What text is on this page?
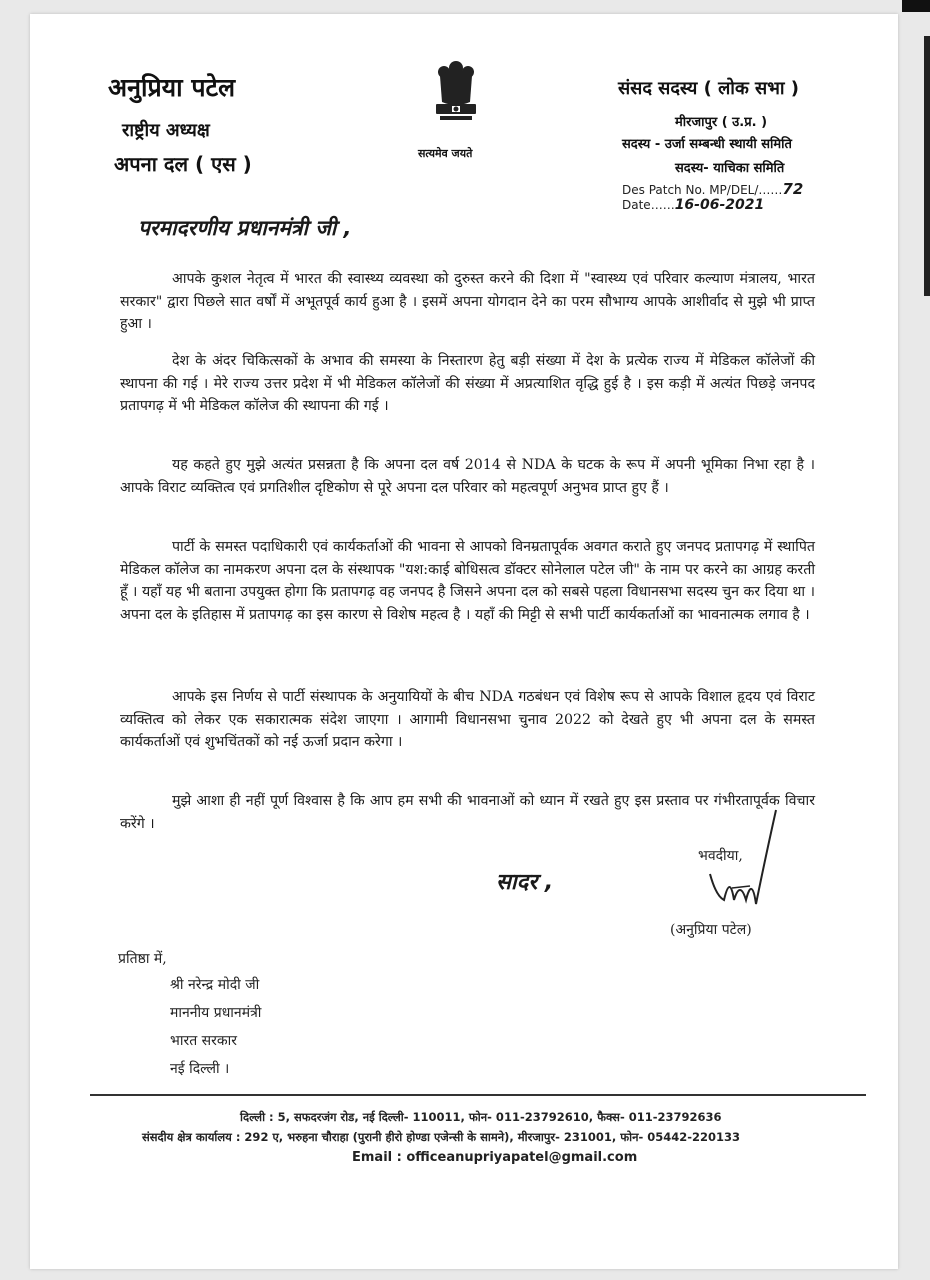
अनुप्रिया पटेल
राष्ट्रीय अध्यक्ष
अपना दल ( एस )	सत्यमेव जयते
संसद सदस्य ( लोक सभा )
मीरजापुर ( उ.प्र. )
सदस्य - उर्जा सम्बन्धी स्थायी समिति
सदस्य- याचिका समिति
Des Patch No. MP/DEL/……72
Date……16-06-2021
परमादरणीय प्रधानमंत्री जी ,

आपके कुशल नेतृत्व में भारत की स्वास्थ्य व्यवस्था को दुरुस्त करने की दिशा में "स्वास्थ्य एवं परिवार कल्याण मंत्रालय, भारत सरकार" द्वारा पिछले सात वर्षों में अभूतपूर्व कार्य हुआ है । इसमें अपना योगदान देने का परम सौभाग्य आपके आशीर्वाद से मुझे भी प्राप्त हुआ ।

देश के अंदर चिकित्सकों के अभाव की समस्या के निस्तारण हेतु बड़ी संख्या में देश के प्रत्येक राज्य में मेडिकल कॉलेजों की स्थापना की गई । मेरे राज्य उत्तर प्रदेश में भी मेडिकल कॉलेजों की संख्या में अप्रत्याशित वृद्धि हुई है । इस कड़ी में अत्यंत पिछड़े जनपद प्रतापगढ़ में भी मेडिकल कॉलेज की स्थापना की गई ।

यह कहते हुए मुझे अत्यंत प्रसन्नता है कि अपना दल वर्ष 2014 से NDA के घटक के रूप में अपनी भूमिका निभा रहा है । आपके विराट व्यक्तित्व एवं प्रगतिशील दृष्टिकोण से पूरे अपना दल परिवार को महत्वपूर्ण अनुभव प्राप्त हुए हैं ।

पार्टी के समस्त पदाधिकारी एवं कार्यकर्ताओं की भावना से आपको विनम्रतापूर्वक अवगत कराते हुए जनपद प्रतापगढ़ में स्थापित मेडिकल कॉलेज का नामकरण अपना दल के संस्थापक "यश:काई बोधिसत्व डॉक्टर सोनेलाल पटेल जी" के नाम पर करने का आग्रह करती हूँ । यहाँ यह भी बताना उपयुक्त होगा कि प्रतापगढ़ वह जनपद है जिसने अपना दल को सबसे पहला विधानसभा सदस्य चुन कर दिया था । अपना दल के इतिहास में प्रतापगढ़ का इस कारण से विशेष महत्व है । यहाँ की मिट्टी से सभी पार्टी कार्यकर्ताओं का भावनात्मक लगाव है ।

आपके इस निर्णय से पार्टी संस्थापक के अनुयायियों के बीच NDA गठबंधन एवं विशेष रूप से आपके विशाल हृदय एवं विराट व्यक्तित्व को लेकर एक सकारात्मक संदेश जाएगा । आगामी विधानसभा चुनाव 2022 को देखते हुए भी अपना दल के समस्त कार्यकर्ताओं एवं शुभचिंतकों को नई ऊर्जा प्रदान करेगा ।

मुझे आशा ही नहीं पूर्ण विश्वास है कि आप हम सभी की भावनाओं को ध्यान में रखते हुए इस प्रस्ताव पर गंभीरतापूर्वक विचार करेंगे ।

भवदीया,
सादर ,
(अनुप्रिया पटेल)
प्रतिष्ठा में,
श्री नरेन्द्र मोदी जी
माननीय प्रधानमंत्री
भारत सरकार
नई दिल्ली ।
दिल्ली : 5, सफदरजंग रोड, नई दिल्ली- 110011, फोन- 011-23792610, फैक्स- 011-23792636
संसदीय क्षेत्र कार्यालय : 292 ए, भरुहना चौराहा (पुरानी हीरो होण्डा एजेन्सी के सामने), मीरजापुर- 231001, फोन- 05442-220133
Email : officeanupriyapatel@gmail.com
